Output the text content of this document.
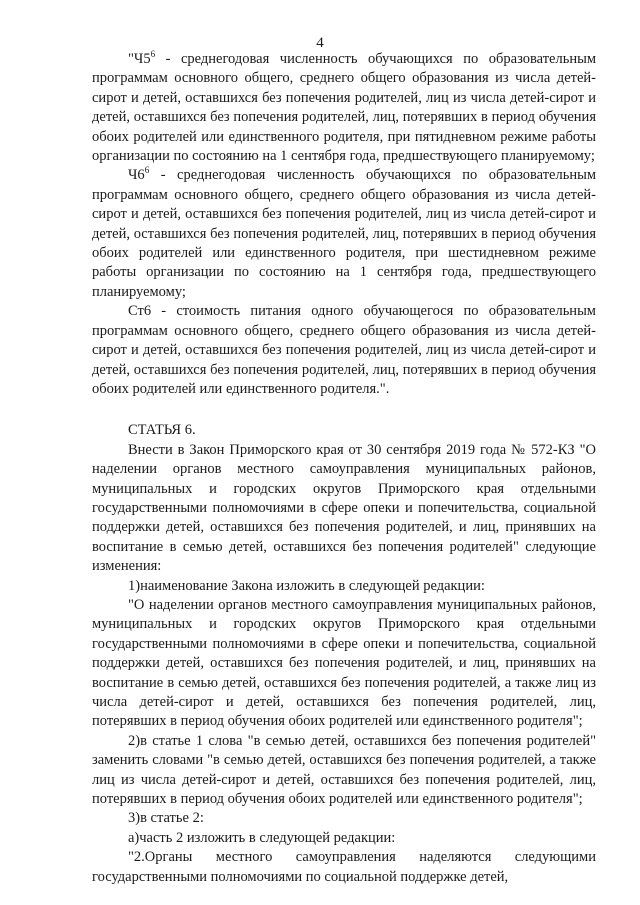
4

"$Ч5^6$ - среднегодовая численность обучающихся по образовательным программам основного общего, среднего общего образования из числа детей-сирот и детей, оставшихся без попечения родителей, лиц из числа детей-сирот и детей, оставшихся без попечения родителей, лиц, потерявших в период обучения обоих родителей или единственного родителя, при пятидневном режиме работы организации по состоянию на 1 сентября года, предшествующего планируемому;

$Ч6^6$ - среднегодовая численность обучающихся по образовательным программам основного общего, среднего общего образования из числа детей-сирот и детей, оставшихся без попечения родителей, лиц из числа детей-сирот и детей, оставшихся без попечения родителей, лиц, потерявших в период обучения обоих родителей или единственного родителя, при шестидневном режиме работы организации по состоянию на 1 сентября года, предшествующего планируемому;

Ст6 - стоимость питания одного обучающегося по образовательным программам основного общего, среднего общего образования из числа детей-сирот и детей, оставшихся без попечения родителей, лиц из числа детей-сирот и детей, оставшихся без попечения родителей, лиц, потерявших в период обучения обоих родителей или единственного родителя.".

СТАТЬЯ 6.

Внести в Закон Приморского края от 30 сентября 2019 года № 572-КЗ "О наделении органов местного самоуправления муниципальных районов, муниципальных и городских округов Приморского края отдельными государственными полномочиями в сфере опеки и попечительства, социальной поддержки детей, оставшихся без попечения родителей, и лиц, принявших на воспитание в семью детей, оставшихся без попечения родителей" следующие изменения:

1)наименование Закона изложить в следующей редакции:

"О наделении органов местного самоуправления муниципальных районов, муниципальных и городских округов Приморского края отдельными государственными полномочиями в сфере опеки и попечительства, социальной поддержки детей, оставшихся без попечения родителей, и лиц, принявших на воспитание в семью детей, оставшихся без попечения родителей, а также лиц из числа детей-сирот и детей, оставшихся без попечения родителей, лиц, потерявших в период обучения обоих родителей или единственного родителя";

2)в статье 1 слова "в семью детей, оставшихся без попечения родителей" заменить словами "в семью детей, оставшихся без попечения родителей, а также лиц из числа детей-сирот и детей, оставшихся без попечения родителей, лиц, потерявших в период обучения обоих родителей или единственного родителя";

3)в статье 2:

а)часть 2 изложить в следующей редакции:

"2.Органы местного самоуправления наделяются следующими государственными полномочиями по социальной поддержке детей,
